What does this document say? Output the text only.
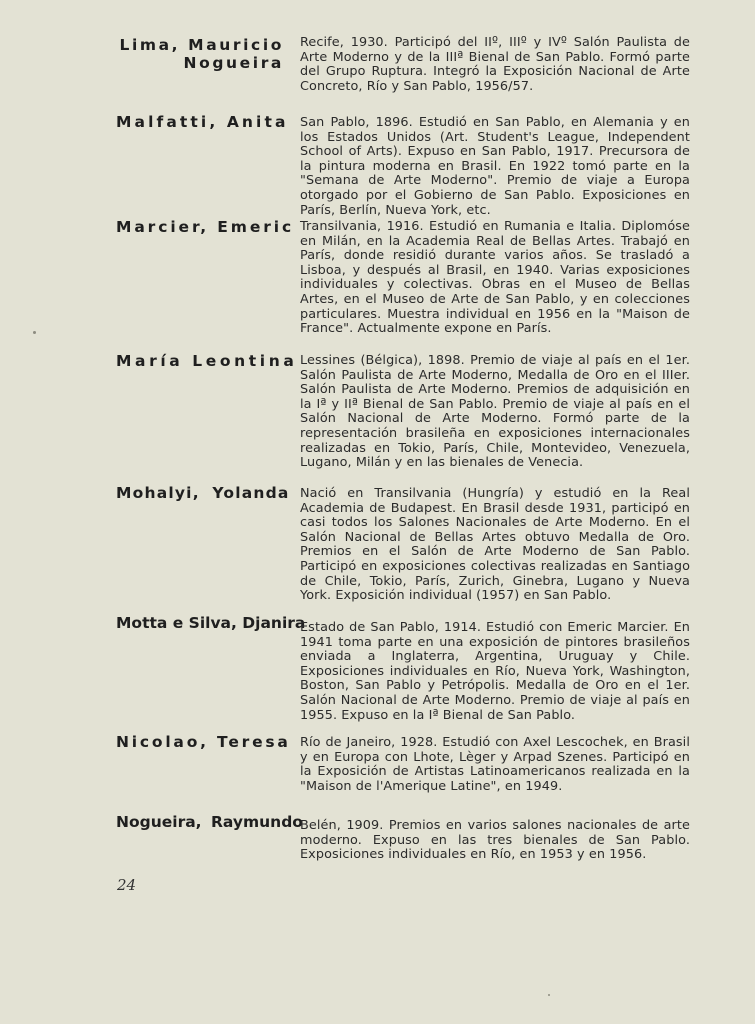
Lima, Mauricio
Nogueira

Recife, 1930. Participó del IIº, IIIº y IVº Salón Paulista de Arte Moderno y de la IIIª Bienal de San Pablo. Formó parte del Grupo Ruptura. Integró la Exposición Nacional de Arte Concreto, Río y San Pablo, 1956/57.

Malfatti, Anita San Pablo, 1896. Estudió en San Pablo, en Alemania y en los Estados Unidos (Art. Student's League, Independent School of Arts). Expuso en San Pablo, 1917. Precursora de la pintura moderna en Brasil. En 1922 tomó parte en la "Semana de Arte Moderno". Premio de viaje a Europa otorgado por el Gobierno de San Pablo. Exposiciones en París, Berlín, Nueva York, etc.

Marcier, Emeric Transilvania, 1916. Estudió en Rumania e Italia. Diplomóse en Milán, en la Academia Real de Bellas Artes. Trabajó en París, donde residió durante varios años. Se trasladó a Lisboa, y después al Brasil, en 1940. Varias exposiciones individuales y colectivas. Obras en el Museo de Bellas Artes, en el Museo de Arte de San Pablo, y en colecciones particulares. Muestra individual en 1956 en la "Maison de France". Actualmente expone en París.

María Leontina Lessines (Bélgica), 1898. Premio de viaje al país en el 1er. Salón Paulista de Arte Moderno, Medalla de Oro en el IIIer. Salón Paulista de Arte Moderno. Premios de adquisición en la Iª y IIª Bienal de San Pablo. Premio de viaje al país en el Salón Nacional de Arte Moderno. Formó parte de la representación brasileña en exposiciones internacionales realizadas en Tokio, París, Chile, Montevideo, Venezuela, Lugano, Milán y en las bienales de Venecia.

Mohalyi, Yolanda Nació en Transilvania (Hungría) y estudió en la Real Academia de Budapest. En Brasil desde 1931, participó en casi todos los Salones Nacionales de Arte Moderno. En el Salón Nacional de Bellas Artes obtuvo Medalla de Oro. Premios en el Salón de Arte Moderno de San Pablo. Participó en exposiciones colectivas realizadas en Santiago de Chile, Tokio, París, Zurich, Ginebra, Lugano y Nueva York. Exposición individual (1957) en San Pablo.

Motta e Silva, Djanira

Estado de San Pablo, 1914. Estudió con Emeric Marcier. En 1941 toma parte en una exposición de pintores brasileños enviada a Inglaterra, Argentina, Uruguay y Chile. Exposiciones individuales en Río, Nueva York, Washington, Boston, San Pablo y Petrópolis. Medalla de Oro en el 1er. Salón Nacional de Arte Moderno. Premio de viaje al país en 1955. Expuso en la Iª Bienal de San Pablo.

Nicolao, Teresa Río de Janeiro, 1928. Estudió con Axel Lescochek, en Brasil y en Europa con Lhote, Lèger y Arpad Szenes. Participó en la Exposición de Artistas Latinoamericanos realizada en la "Maison de l'Amerique Latine", en 1949.

Nogueira, Raymundo

Belén, 1909. Premios en varios salones nacionales de arte moderno. Expuso en las tres bienales de San Pablo. Exposiciones individuales en Río, en 1953 y en 1956.

24
